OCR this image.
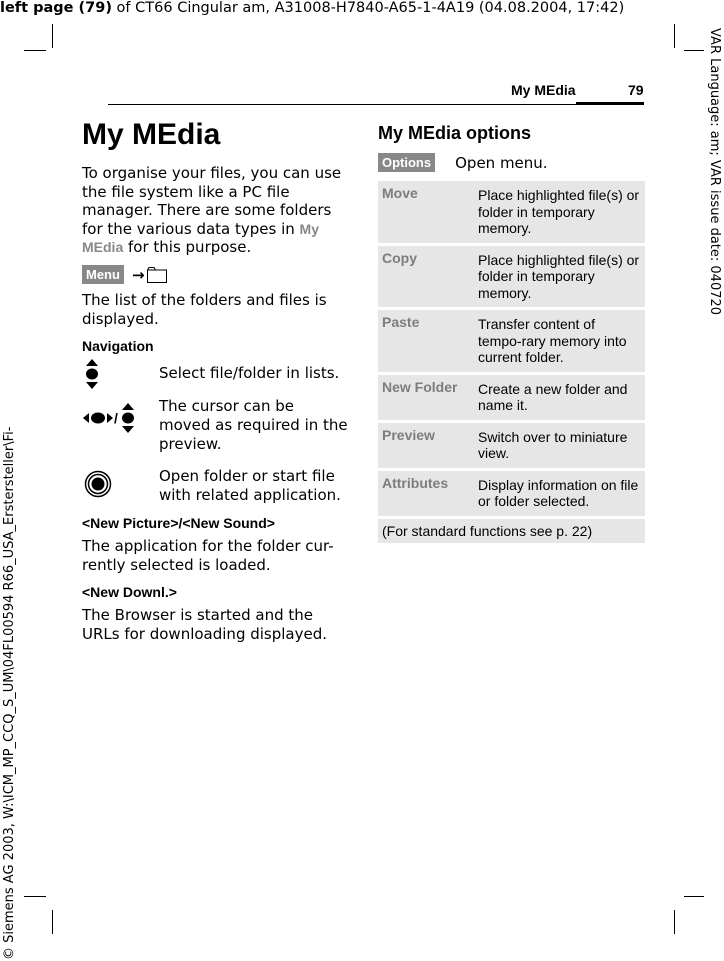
left page (79) of CT66 Cingular am, A31008-H7840-A65-1-4A19 (04.08.2004, 17:42)
VAR Language: am; VAR issue date: 040720
© Siemens AG 2003, W:\ICM_MP_CCQ_S_UM\04FL00594 R66_USA_Erstersteller\Fi-
My MEdia	79
My MEdia
To organise your files, you can use the file system like a PC file manager. There are some folders for the various data types in My MEdia for this purpose.
Menu →
The list of the folders and files is displayed.
Navigation
Select file/folder in lists.
/
The cursor can be moved as required in the preview.
Open folder or start file with related application.
<New Picture>/<New Sound>
The application for the folder cur-rently selected is loaded.
<New Downl.>
The Browser is started and the URLs for downloading displayed.
My MEdia options
Options Open menu.
Move	Place highlighted file(s) or folder in temporary memory.
Copy	Place highlighted file(s) or folder in temporary memory.
Paste	Transfer content of tempo-rary memory into current folder.
New Folder	Create a new folder and name it.
Preview	Switch over to miniature view.
Attributes	Display information on file or folder selected.
(For standard functions see p. 22)	
